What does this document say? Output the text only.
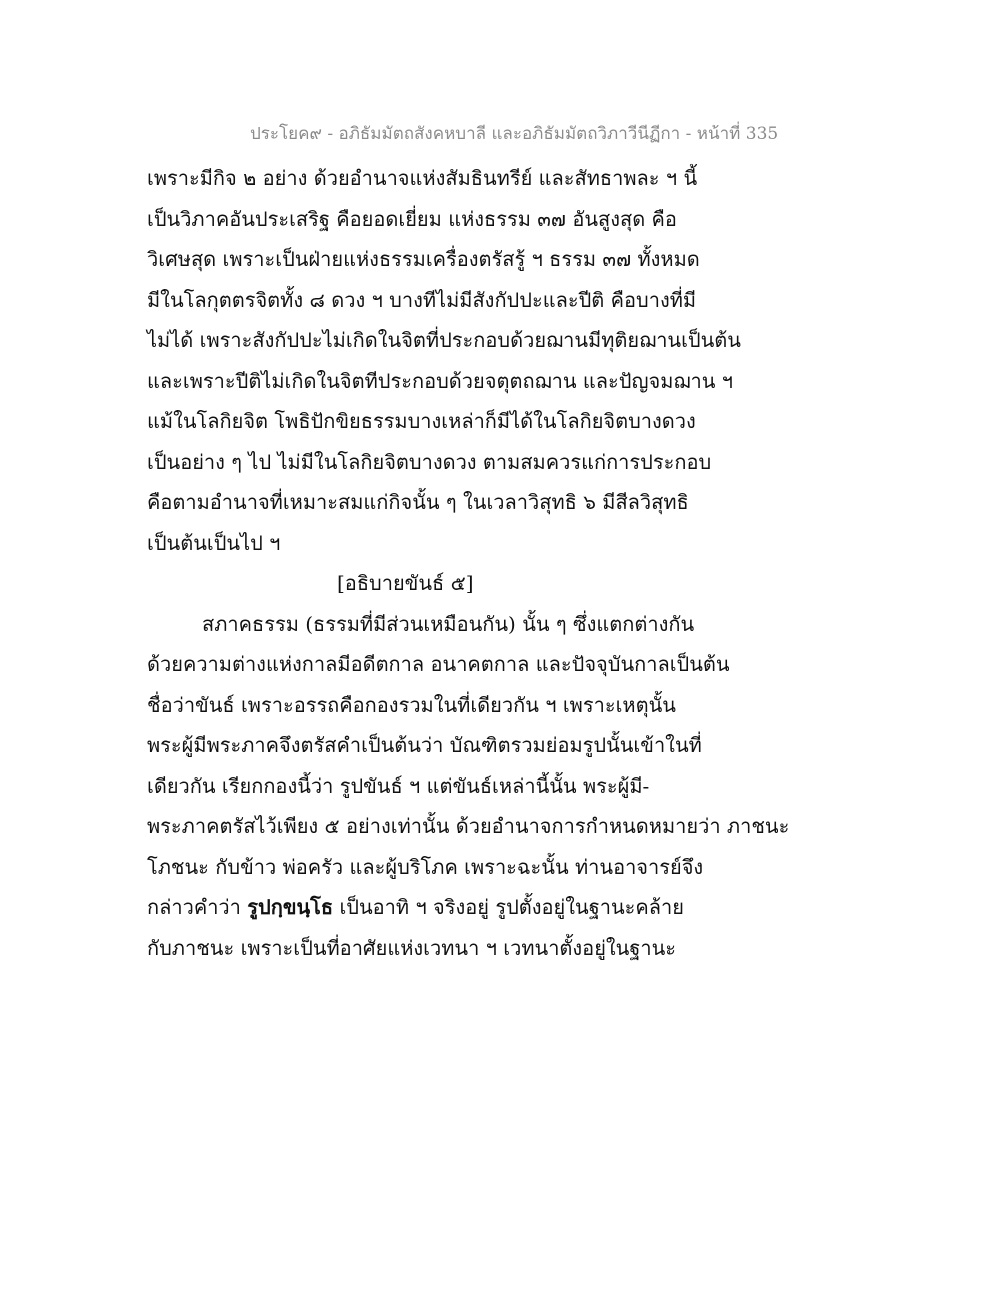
ประโยค๙ - อภิธัมมัตถสังคหบาลี และอภิธัมมัตถวิภาวีนีฏีกา - หน้าที่ 335
เพราะมีกิจ ๒ อย่าง ด้วยอำนาจแห่งสัมธินทรีย์ และสัทธาพละ ฯ นี้
เป็นวิภาคอันประเสริฐ คือยอดเยี่ยม แห่งธรรม ๓๗ อันสูงสุด คือ
วิเศษสุด เพราะเป็นฝ่ายแห่งธรรมเครื่องตรัสรู้ ฯ ธรรม ๓๗ ทั้งหมด
มีในโลกุตตรจิตทั้ง ๘ ดวง ฯ บางทีไม่มีสังกัปปะและปีติ คือบางที่มี
ไม่ได้ เพราะสังกัปปะไม่เกิดในจิตที่ประกอบด้วยฌานมีทุติยฌานเป็นต้น
และเพราะปีติไม่เกิดในจิตทีประกอบด้วยจตุตถฌาน และปัญจมฌาน ฯ
แม้ในโลกิยจิต โพธิปักขิยธรรมบางเหล่าก็มีได้ในโลกิยจิตบางดวง
เป็นอย่าง ๆ ไป ไม่มีในโลกิยจิตบางดวง ตามสมควรแก่การประกอบ
คือตามอำนาจที่เหมาะสมแก่กิจนั้น ๆ ในเวลาวิสุทธิ ๖ มีสีลวิสุทธิ
เป็นต้นเป็นไป ฯ
[อธิบายขันธ์ ๕]
สภาคธรรม (ธรรมที่มีส่วนเหมือนกัน) นั้น ๆ ซึ่งแตกต่างกัน
ด้วยความต่างแห่งกาลมีอดีตกาล อนาคตกาล และปัจจุบันกาลเป็นต้น
ชื่อว่าขันธ์ เพราะอรรถคือกองรวมในที่เดียวกัน ฯ เพราะเหตุนั้น
พระผู้มีพระภาคจึงตรัสคำเป็นต้นว่า บัณฑิตรวมย่อมรูปนั้นเข้าในที่
เดียวกัน เรียกกองนี้ว่า รูปขันธ์ ฯ แต่ขันธ์เหล่านี้นั้น พระผู้มี-
พระภาคตรัสไว้เพียง ๕ อย่างเท่านั้น ด้วยอำนาจการกำหนดหมายว่า ภาชนะ
โภชนะ กับข้าว พ่อครัว และผู้บริโภค เพราะฉะนั้น ท่านอาจารย์จึง
กล่าวคำว่า รูปกฺขนฺโธ เป็นอาทิ ฯ จริงอยู่ รูปตั้งอยู่ในฐานะคล้าย
กับภาชนะ เพราะเป็นที่อาศัยแห่งเวทนา ฯ เวทนาตั้งอยู่ในฐานะ
